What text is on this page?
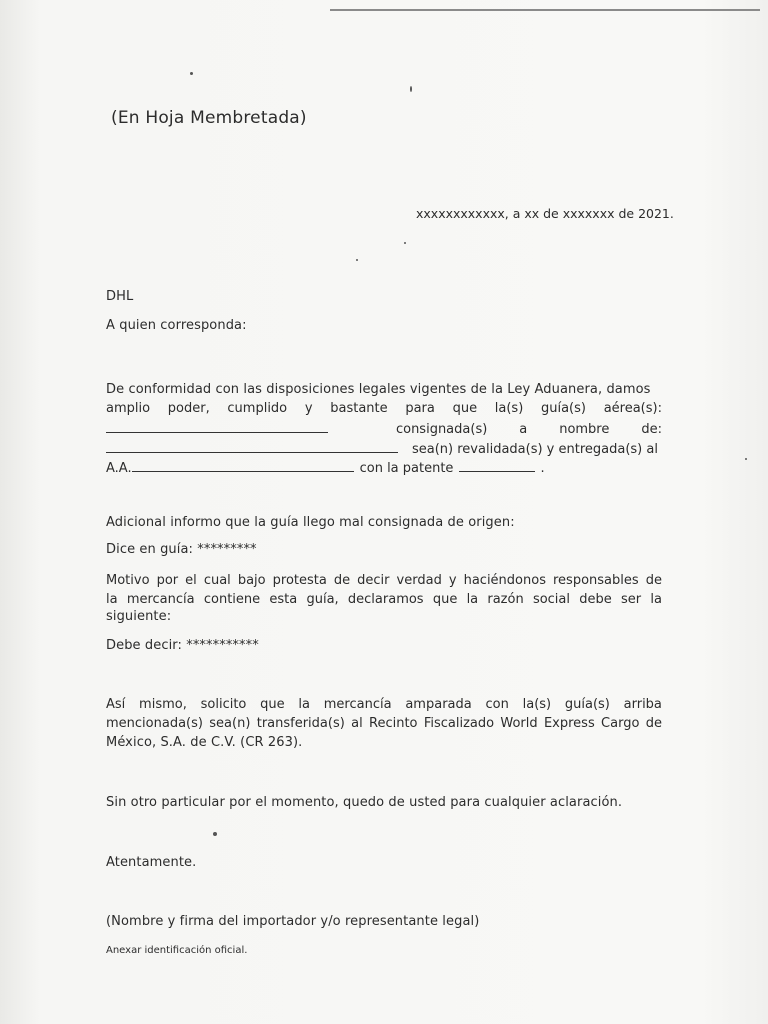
(En Hoja Membretada)
xxxxxxxxxxxx, a xx de xxxxxxx de 2021.
DHL
A quien corresponda:
De conformidad con las disposiciones legales vigentes de la Ley Aduanera, damos
amplio poder, cumplido y bastante para que la(s) guía(s) aérea(s):
consignada(s) a nombre de:
sea(n) revalidada(s) y entregada(s) al
A.A.	con la patente	.
Adicional informo que la guía llego mal consignada de origen:
Dice en guía: *********
Motivo por el cual bajo protesta de decir verdad y haciéndonos responsables de
la mercancía contiene esta guía, declaramos que la razón social debe ser la
siguiente:
Debe decir: ***********
Así mismo, solicito que la mercancía amparada con la(s) guía(s) arriba
mencionada(s) sea(n) transferida(s) al Recinto Fiscalizado World Express Cargo de
México, S.A. de C.V. (CR 263).
Sin otro particular por el momento, quedo de usted para cualquier aclaración.
Atentamente.
(Nombre y firma del importador y/o representante legal)
Anexar identificación oficial.
